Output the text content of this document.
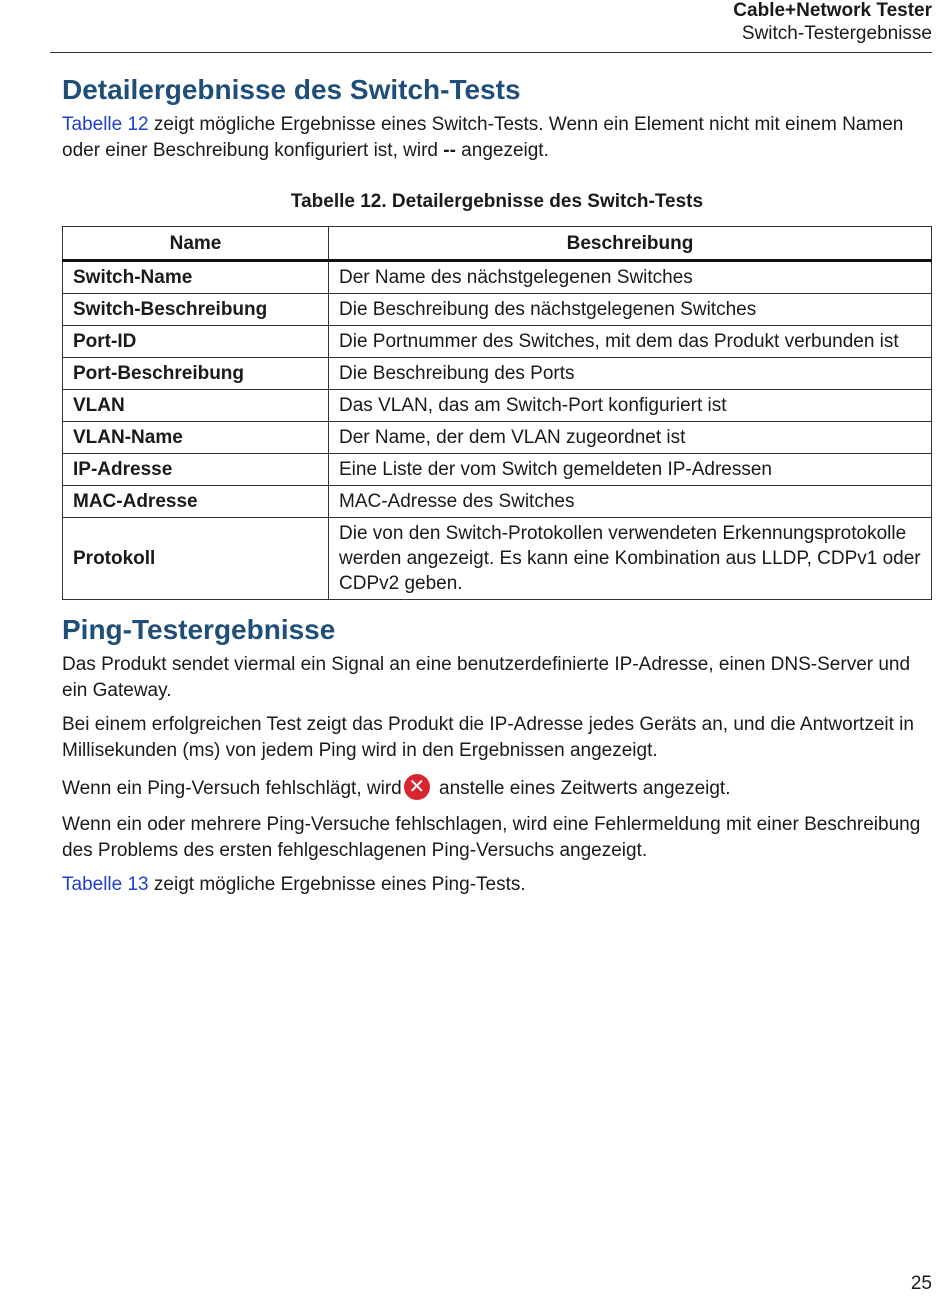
Cable+Network Tester
Switch-Testergebnisse
Detailergebnisse des Switch-Tests

Tabelle 12 zeigt mögliche Ergebnisse eines Switch-Tests. Wenn ein Element nicht mit einem Namen oder einer Beschreibung konfiguriert ist, wird -- angezeigt.

Tabelle 12. Detailergebnisse des Switch-Tests

Name	Beschreibung
Switch-Name	Der Name des nächstgelegenen Switches
Switch-Beschreibung	Die Beschreibung des nächstgelegenen Switches
Port-ID	Die Portnummer des Switches, mit dem das Produkt verbunden ist
Port-Beschreibung	Die Beschreibung des Ports
VLAN	Das VLAN, das am Switch-Port konfiguriert ist
VLAN-Name	Der Name, der dem VLAN zugeordnet ist
IP-Adresse	Eine Liste der vom Switch gemeldeten IP-Adressen
MAC-Adresse	MAC-Adresse des Switches
Protokoll	Die von den Switch-Protokollen verwendeten Erkennungsprotokolle werden angezeigt. Es kann eine Kombination aus LLDP, CDPv1 oder CDPv2 geben.
Ping-Testergebnisse

Das Produkt sendet viermal ein Signal an eine benutzerdefinierte IP-Adresse, einen DNS-Server und ein Gateway.

Bei einem erfolgreichen Test zeigt das Produkt die IP-Adresse jedes Geräts an, und die Antwortzeit in Millisekunden (ms) von jedem Ping wird in den Ergebnissen angezeigt.

Wenn ein Ping-Versuch fehlschlägt, wird ✕ anstelle eines Zeitwerts angezeigt.

Wenn ein oder mehrere Ping-Versuche fehlschlagen, wird eine Fehlermeldung mit einer Beschreibung des Problems des ersten fehlgeschlagenen Ping-Versuchs angezeigt.

Tabelle 13 zeigt mögliche Ergebnisse eines Ping-Tests.

25
